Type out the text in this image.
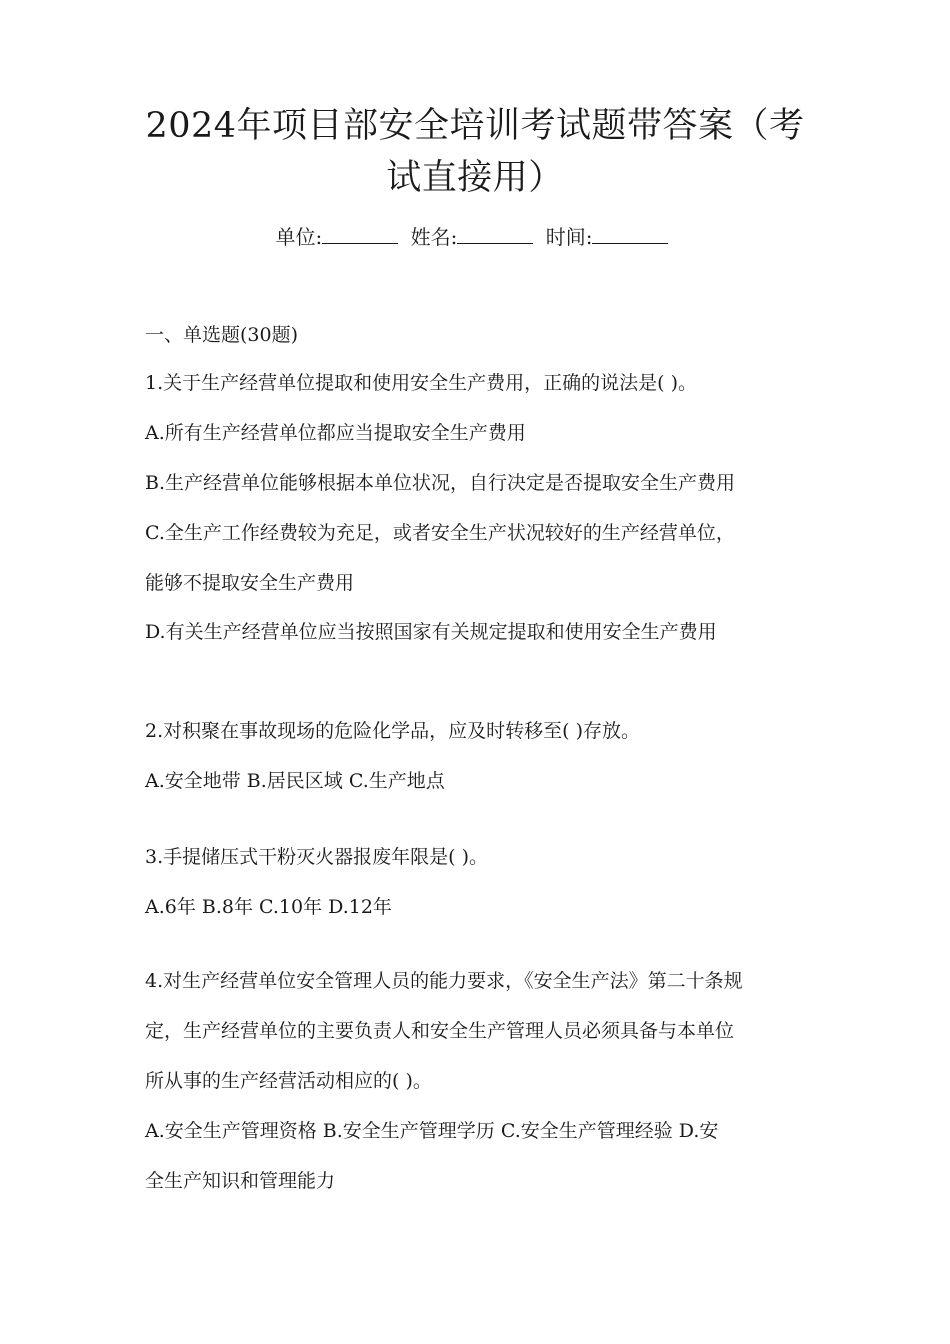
2024年项目部安全培训考试题带答案（考
试直接用）
单位:	姓名:	时间:
一、单选题(30题)
1.关于生产经营单位提取和使用安全生产费用，正确的说法是( )。
A.所有生产经营单位都应当提取安全生产费用
B.生产经营单位能够根据本单位状况，自行决定是否提取安全生产费用
C.全生产工作经费较为充足，或者安全生产状况较好的生产经营单位，
能够不提取安全生产费用
D.有关生产经营单位应当按照国家有关规定提取和使用安全生产费用
2.对积聚在事故现场的危险化学品，应及时转移至( )存放。
A.安全地带 B.居民区域 C.生产地点
3.手提储压式干粉灭火器报废年限是( )。
A.6年 B.8年 C.10年 D.12年
4.对生产经营单位安全管理人员的能力要求，《安全生产法》第二十条规
定，生产经营单位的主要负责人和安全生产管理人员必须具备与本单位
所从事的生产经营活动相应的( )。
A.安全生产管理资格 B.安全生产管理学历 C.安全生产管理经验 D.安
全生产知识和管理能力
